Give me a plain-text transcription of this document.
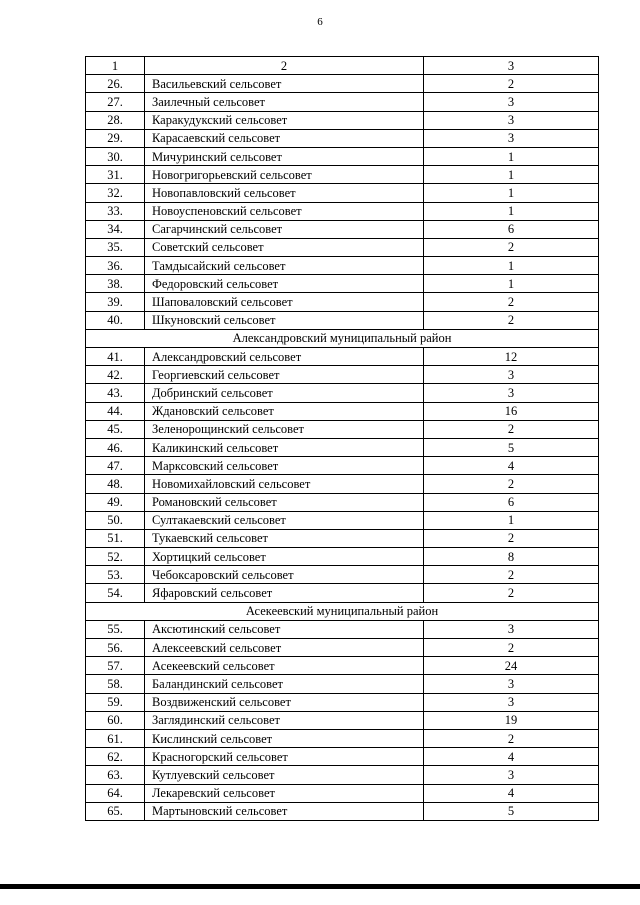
6
1	2	3
26.	Васильевский сельсовет	2
27.	Заилечный сельсовет	3
28.	Каракудукский сельсовет	3
29.	Карасаевский сельсовет	3
30.	Мичуринский сельсовет	1
31.	Новогригорьевский сельсовет	1
32.	Новопавловский сельсовет	1
33.	Новоуспеновский сельсовет	1
34.	Сагарчинский сельсовет	6
35.	Советский сельсовет	2
36.	Тамдысайский сельсовет	1
38.	Федоровский сельсовет	1
39.	Шаповаловский сельсовет	2
40.	Шкуновский сельсовет	2
Александровский муниципальный район		
41.	Александровский сельсовет	12
42.	Георгиевский сельсовет	3
43.	Добринский сельсовет	3
44.	Ждановский сельсовет	16
45.	Зеленорощинский сельсовет	2
46.	Каликинский сельсовет	5
47.	Марксовский сельсовет	4
48.	Новомихайловский сельсовет	2
49.	Романовский сельсовет	6
50.	Султакаевский сельсовет	1
51.	Тукаевский сельсовет	2
52.	Хортицкий сельсовет	8
53.	Чебоксаровский сельсовет	2
54.	Яфаровский сельсовет	2
Асекеевский муниципальный район		
55.	Аксютинский сельсовет	3
56.	Алексеевский сельсовет	2
57.	Асекеевский сельсовет	24
58.	Баландинский сельсовет	3
59.	Воздвиженский сельсовет	3
60.	Заглядинский сельсовет	19
61.	Кислинский сельсовет	2
62.	Красногорский сельсовет	4
63.	Кутлуевский сельсовет	3
64.	Лекаревский сельсовет	4
65.	Мартыновский сельсовет	5
